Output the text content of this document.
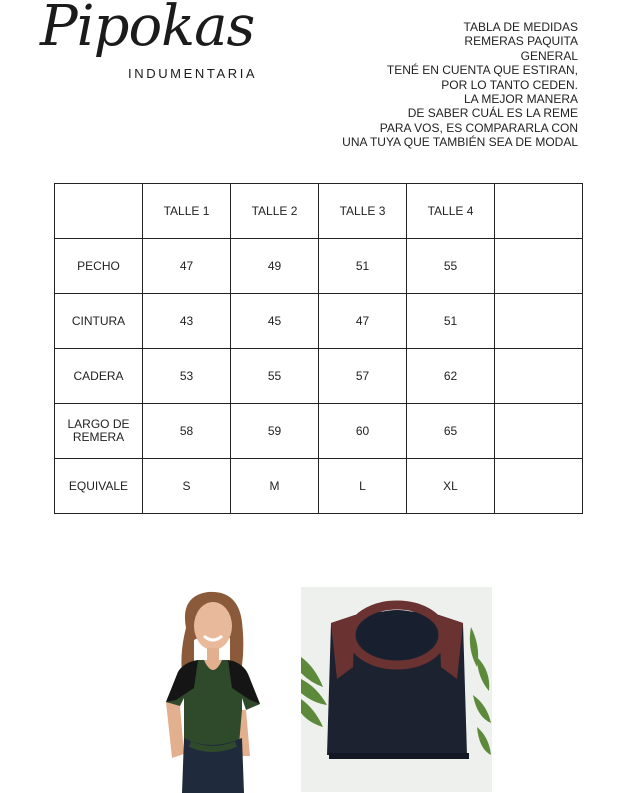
Pipokas
INDUMENTARIA
TABLA DE MEDIDAS
REMERAS PAQUITA
GENERAL
TENÉ EN CUENTA QUE ESTIRAN,
POR LO TANTO CEDEN.
LA MEJOR MANERA
DE SABER CUÁL ES LA REME
PARA VOS, ES COMPARARLA CON
UNA TUYA QUE TAMBIÉN SEA DE MODAL
	TALLE 1	TALLE 2	TALLE 3	TALLE 4	
PECHO	47	49	51	55	
CINTURA	43	45	47	51	
CADERA	53	55	57	62	
LARGO DE REMERA	58	59	60	65	
EQUIVALE	S	M	L	XL	
